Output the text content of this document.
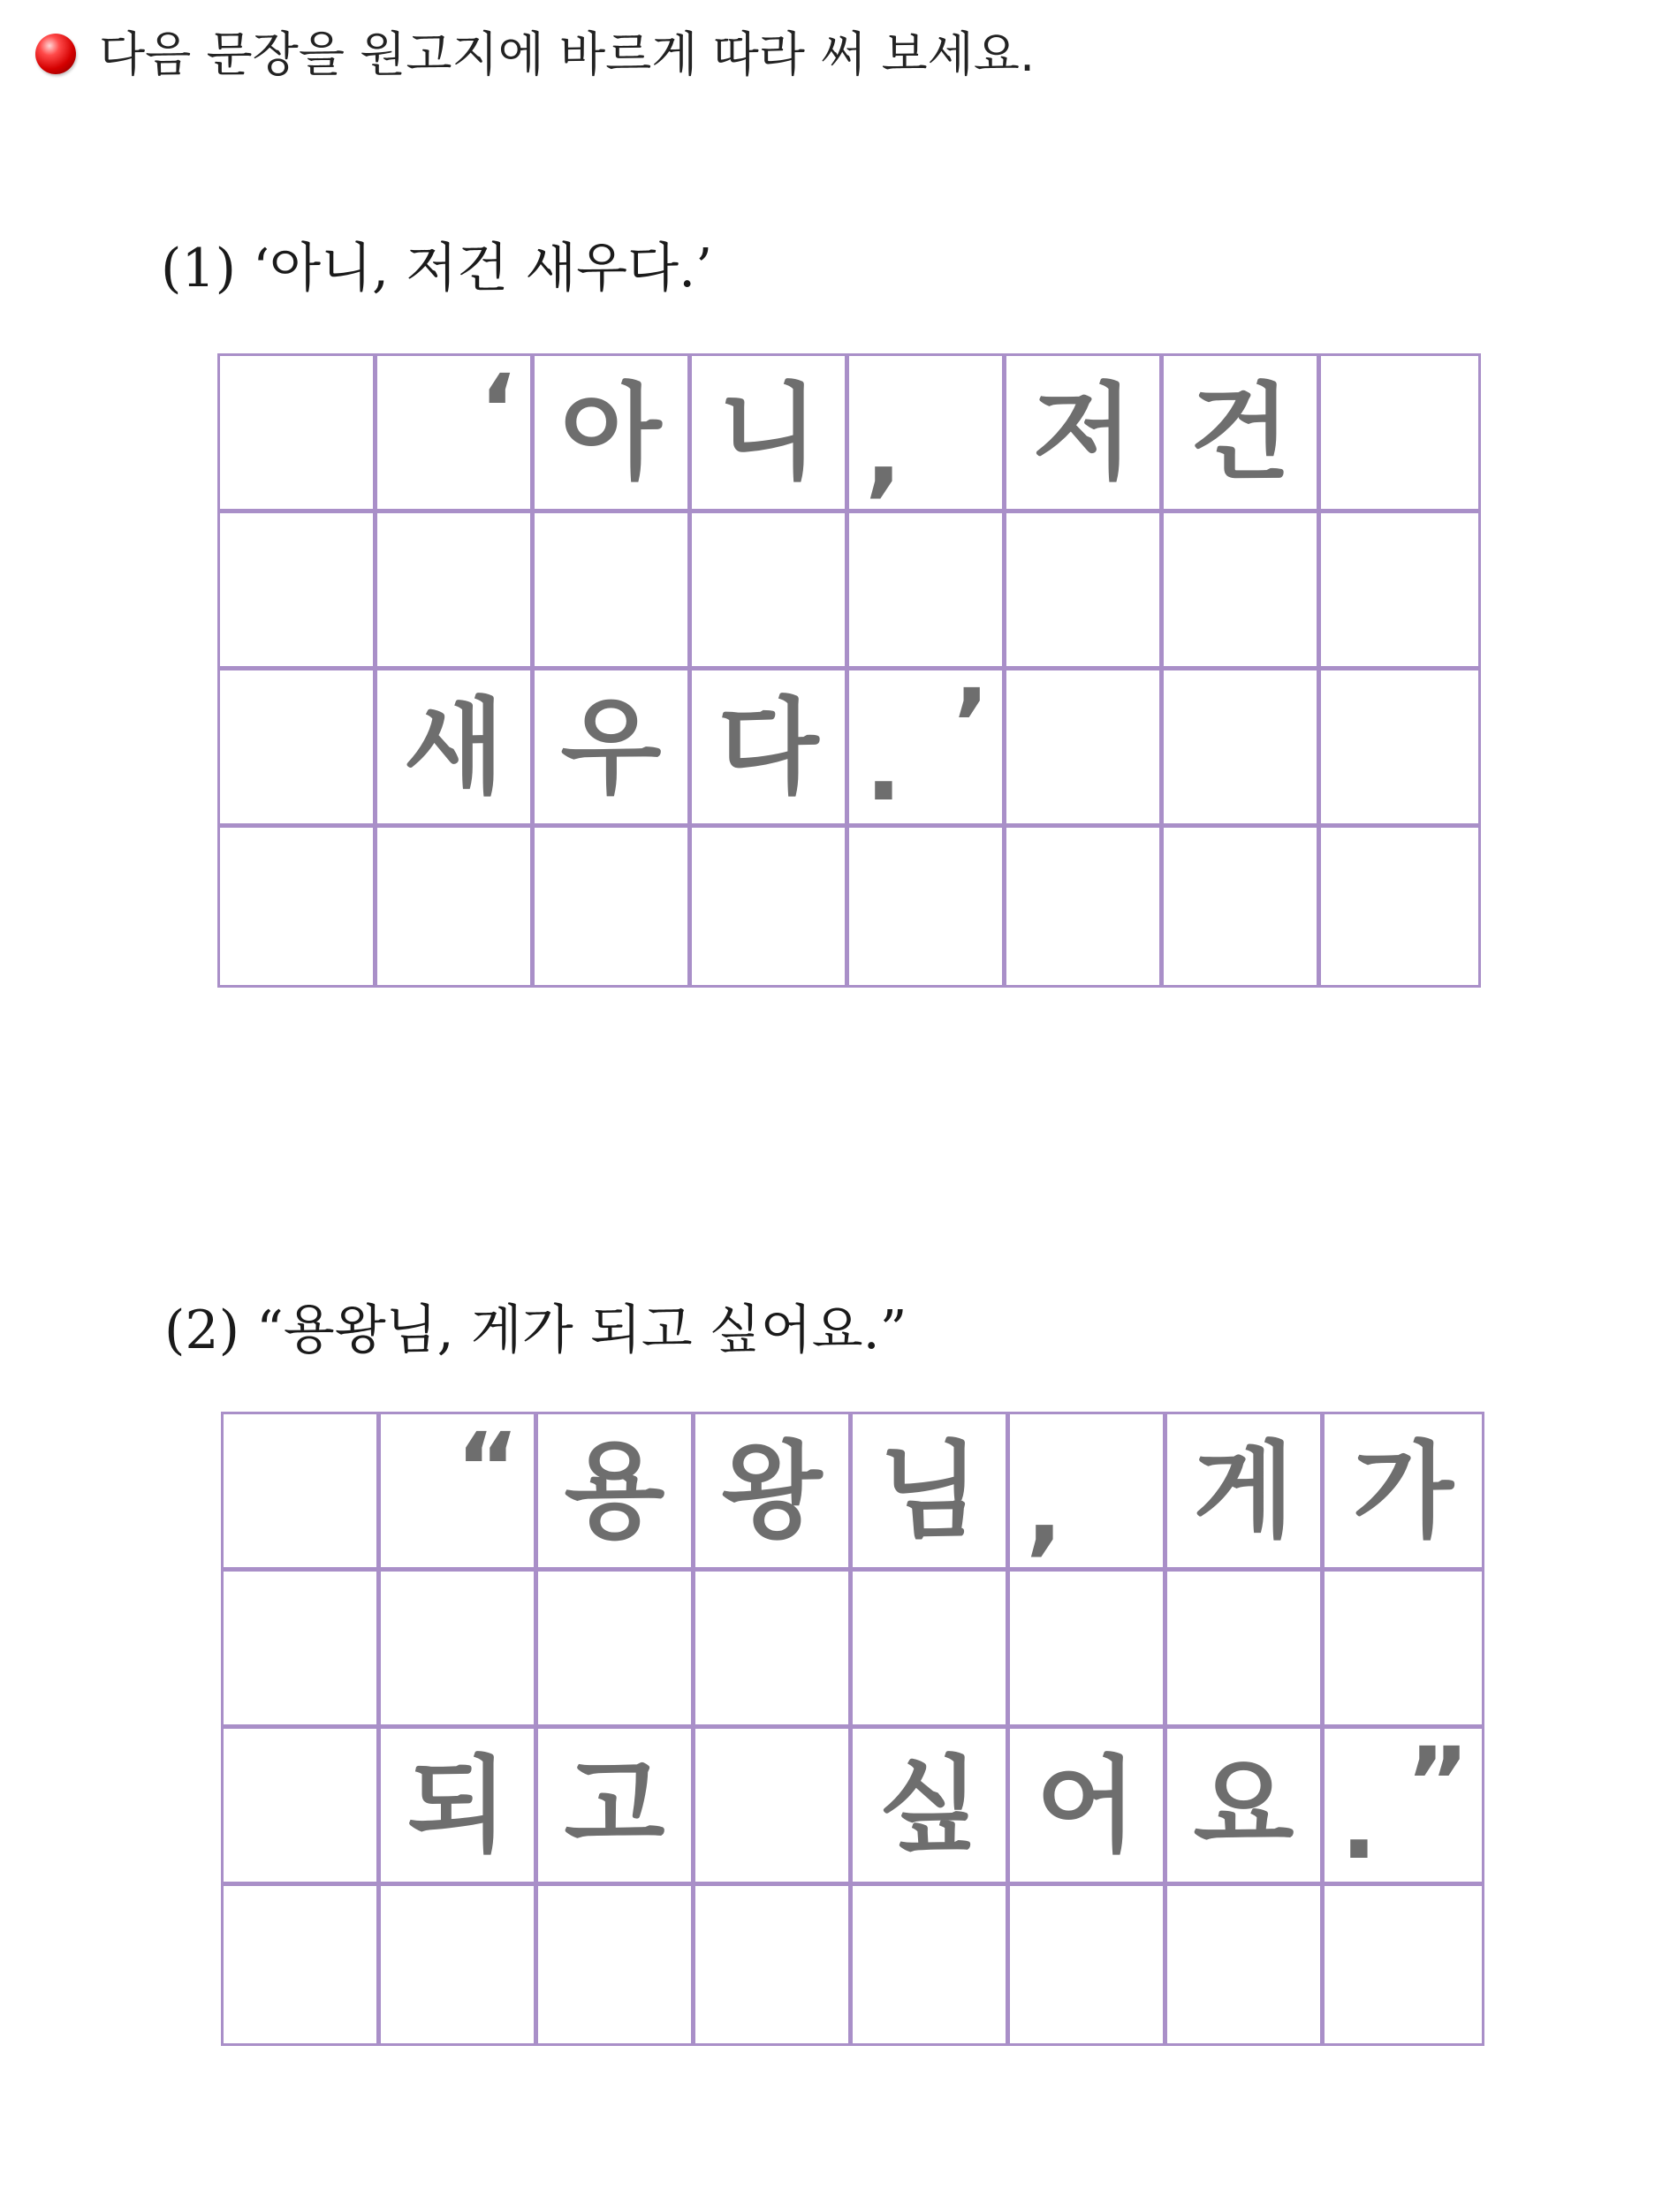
다음 문장을 원고지에 바르게 따라 써 보세요.
(1) ‘아니, 저건 새우다.’
‘ 아 니 , 저 건
새 우 다 . ’
(2) “용왕님, 게가 되고 싶어요.”
“ 용 왕 님 , 게 가
되 고 싶 어 요 . ”
